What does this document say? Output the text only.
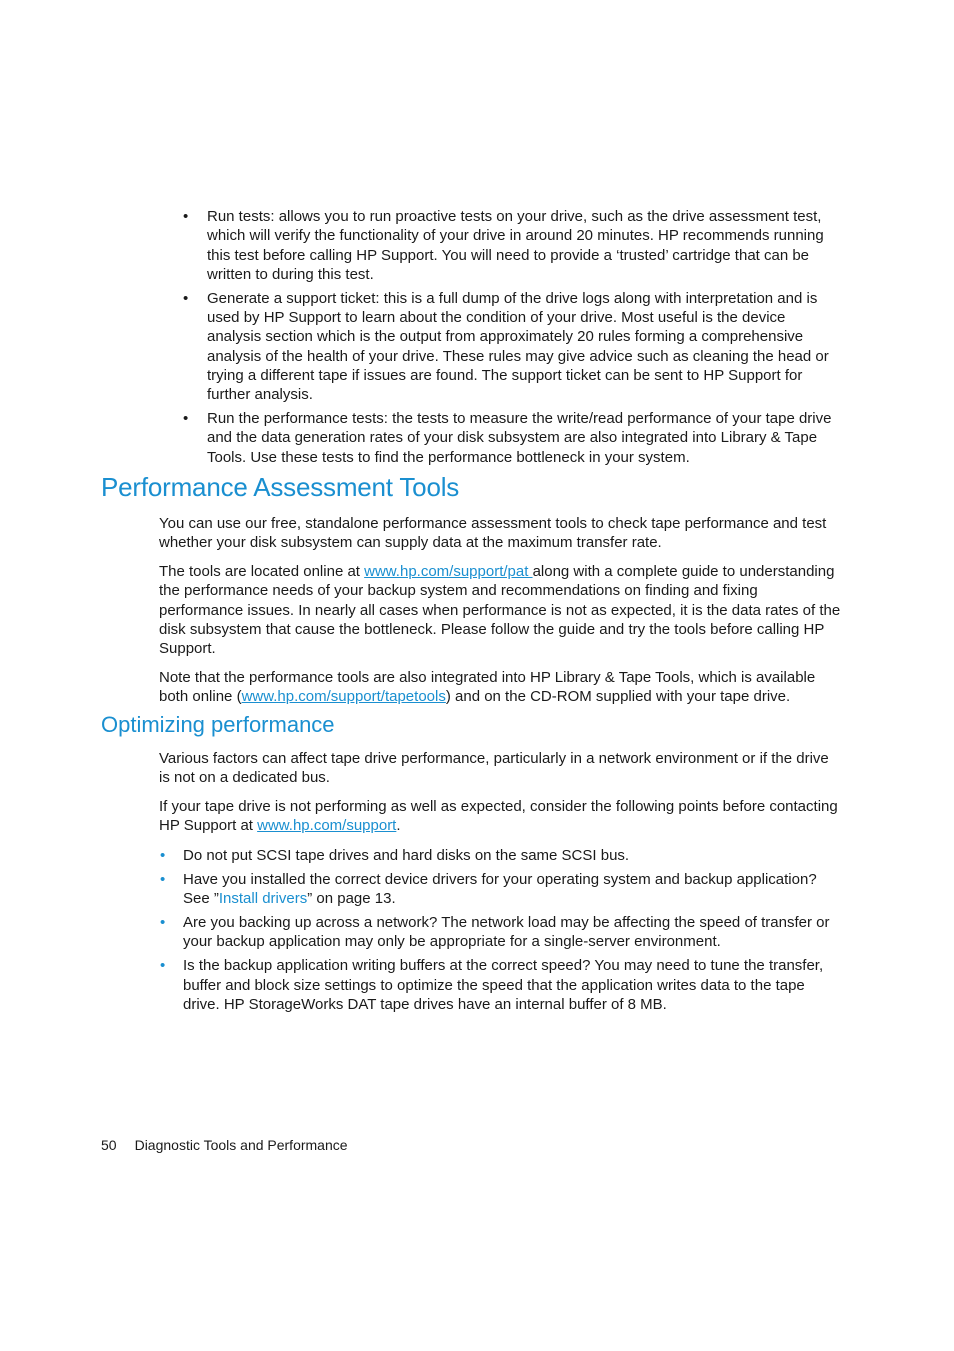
• Run tests: allows you to run proactive tests on your drive, such as the drive assessment test, which will verify the functionality of your drive in around 20 minutes. HP recommends running this test before calling HP Support. You will need to provide a ‘trusted’ cartridge that can be written to during this test.
• Generate a support ticket: this is a full dump of the drive logs along with interpretation and is used by HP Support to learn about the condition of your drive. Most useful is the device analysis section which is the output from approximately 20 rules forming a comprehensive analysis of the health of your drive. These rules may give advice such as cleaning the head or trying a different tape if issues are found. The support ticket can be sent to HP Support for further analysis.
• Run the performance tests: the tests to measure the write/read performance of your tape drive and the data generation rates of your disk subsystem are also integrated into Library & Tape Tools. Use these tests to find the performance bottleneck in your system.
Performance Assessment Tools

You can use our free, standalone performance assessment tools to check tape performance and test whether your disk subsystem can supply data at the maximum transfer rate.

The tools are located online at www.hp.com/support/pat along with a complete guide to understanding the performance needs of your backup system and recommendations on finding and fixing performance issues. In nearly all cases when performance is not as expected, it is the data rates of the disk subsystem that cause the bottleneck. Please follow the guide and try the tools before calling HP Support.

Note that the performance tools are also integrated into HP Library & Tape Tools, which is available both online (www.hp.com/support/tapetools) and on the CD-ROM supplied with your tape drive.

Optimizing performance

Various factors can affect tape drive performance, particularly in a network environment or if the drive is not on a dedicated bus.

If your tape drive is not performing as well as expected, consider the following points before contacting HP Support at www.hp.com/support.

• Do not put SCSI tape drives and hard disks on the same SCSI bus.
• Have you installed the correct device drivers for your operating system and backup application? See ”Install drivers” on page 13.
• Are you backing up across a network? The network load may be affecting the speed of transfer or your backup application may only be appropriate for a single-server environment.
• Is the backup application writing buffers at the correct speed? You may need to tune the transfer, buffer and block size settings to optimize the speed that the application writes data to the tape drive. HP StorageWorks DAT tape drives have an internal buffer of 8 MB.
50 Diagnostic Tools and Performance
